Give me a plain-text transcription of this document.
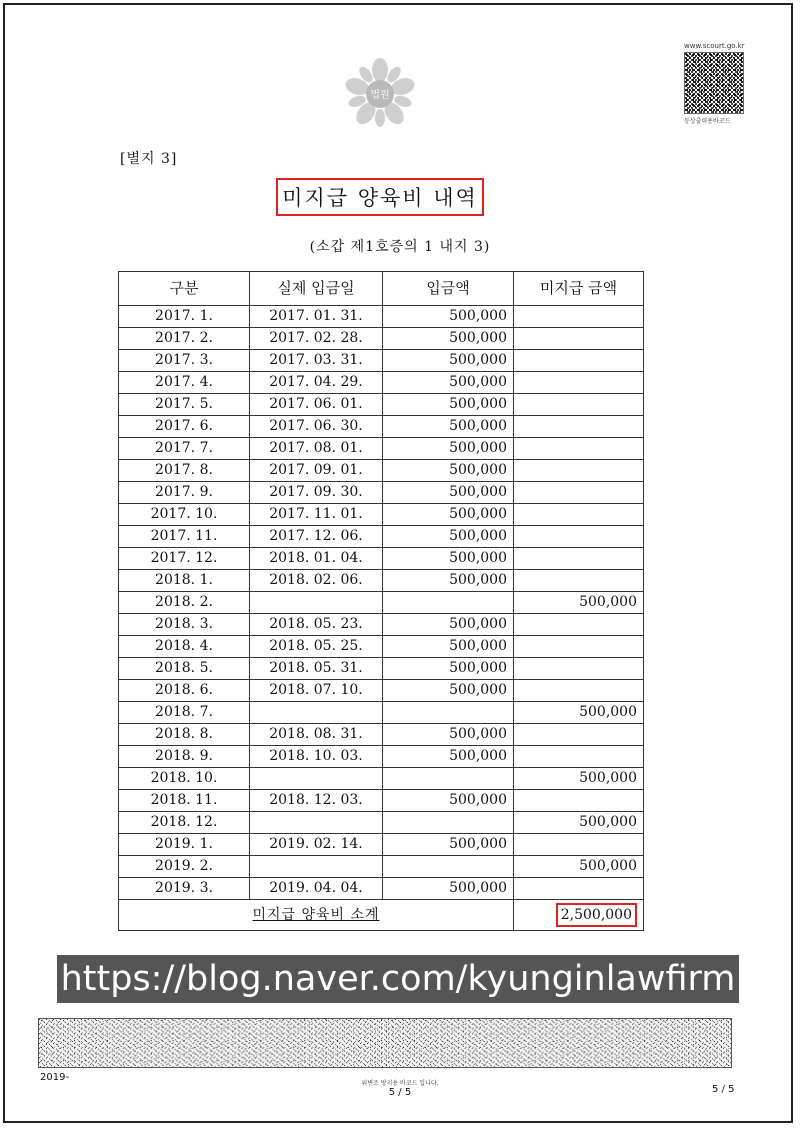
법원
www.scourt.go.kr
등상출력용바코드
[별지 3]
미지급 양육비 내역
(소갑 제1호증의 1 내지 3)
구분	실제 입금일	입금액	미지급 금액
2017. 1.	2017. 01. 31.	500,000	
2017. 2.	2017. 02. 28.	500,000	
2017. 3.	2017. 03. 31.	500,000	
2017. 4.	2017. 04. 29.	500,000	
2017. 5.	2017. 06. 01.	500,000	
2017. 6.	2017. 06. 30.	500,000	
2017. 7.	2017. 08. 01.	500,000	
2017. 8.	2017. 09. 01.	500,000	
2017. 9.	2017. 09. 30.	500,000	
2017. 10.	2017. 11. 01.	500,000	
2017. 11.	2017. 12. 06.	500,000	
2017. 12.	2018. 01. 04.	500,000	
2018. 1.	2018. 02. 06.	500,000	
2018. 2.			500,000
2018. 3.	2018. 05. 23.	500,000	
2018. 4.	2018. 05. 25.	500,000	
2018. 5.	2018. 05. 31.	500,000	
2018. 6.	2018. 07. 10.	500,000	
2018. 7.			500,000
2018. 8.	2018. 08. 31.	500,000	
2018. 9.	2018. 10. 03.	500,000	
2018. 10.			500,000
2018. 11.	2018. 12. 03.	500,000	
2018. 12.			500,000
2019. 1.	2019. 02. 14.	500,000	
2019. 2.			500,000
2019. 3.	2019. 04. 04.	500,000	
미지급 양육비 소계			2,500,000
https://blog.naver.com/kyunginlawfirm
2019-
위변조 방지용 바코드 입니다.
5 / 5	5 / 5
